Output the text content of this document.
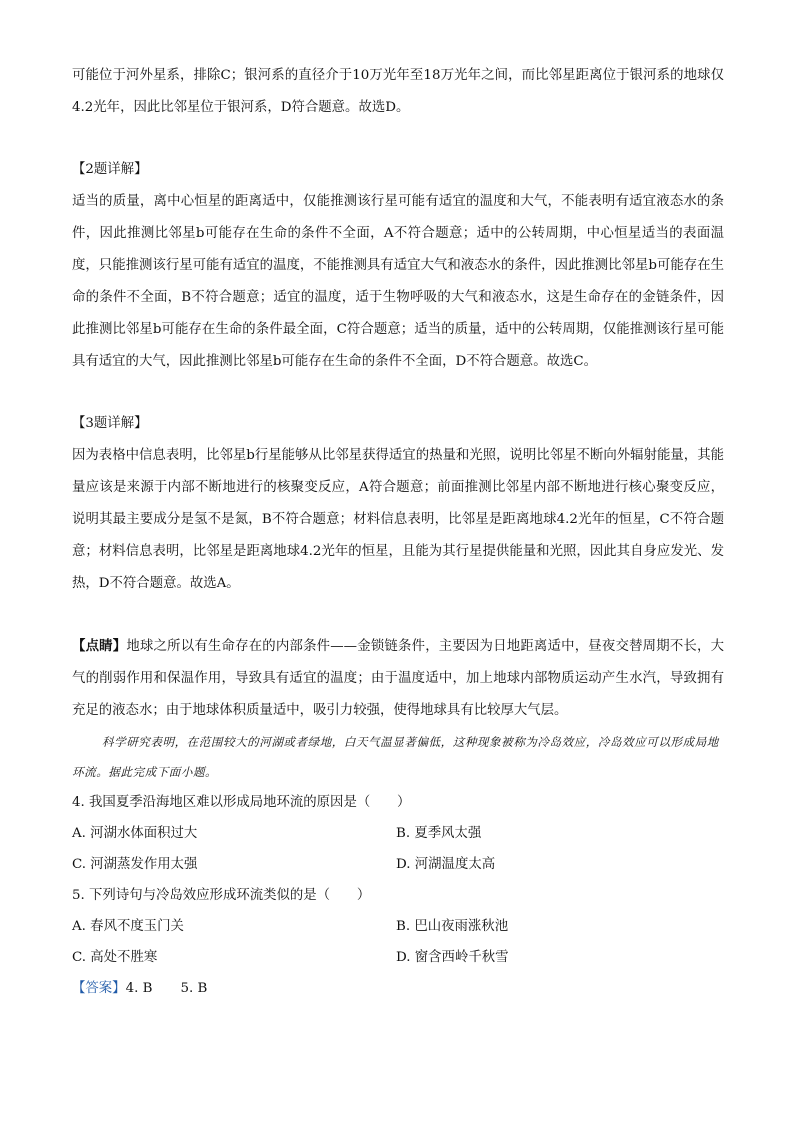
可能位于河外星系，排除C；银河系的直径介于10万光年至18万光年之间，而比邻星距离位于银河系的地球仅4.2光年，因此比邻星位于银河系，D符合题意。故选D。

【2题详解】

适当的质量，离中心恒星的距离适中，仅能推测该行星可能有适宜的温度和大气，不能表明有适宜液态水的条件，因此推测比邻星b可能存在生命的条件不全面，A不符合题意；适中的公转周期，中心恒星适当的表面温度，只能推测该行星可能有适宜的温度，不能推测具有适宜大气和液态水的条件，因此推测比邻星b可能存在生命的条件不全面，B不符合题意；适宜的温度，适于生物呼吸的大气和液态水，这是生命存在的金链条件，因此推测比邻星b可能存在生命的条件最全面，C符合题意；适当的质量，适中的公转周期，仅能推测该行星可能具有适宜的大气，因此推测比邻星b可能存在生命的条件不全面，D不符合题意。故选C。

【3题详解】

因为表格中信息表明，比邻星b行星能够从比邻星获得适宜的热量和光照，说明比邻星不断向外辐射能量，其能量应该是来源于内部不断地进行的核聚变反应，A符合题意；前面推测比邻星内部不断地进行核心聚变反应，说明其最主要成分是氢不是氮，B不符合题意；材料信息表明，比邻星是距离地球4.2光年的恒星，C不符合题意；材料信息表明，比邻星是距离地球4.2光年的恒星，且能为其行星提供能量和光照，因此其自身应发光、发热，D不符合题意。故选A。

【点睛】地球之所以有生命存在的内部条件——金锁链条件，主要因为日地距离适中，昼夜交替周期不长，大气的削弱作用和保温作用，导致具有适宜的温度；由于温度适中，加上地球内部物质运动产生水汽，导致拥有充足的液态水；由于地球体积质量适中，吸引力较强，使得地球具有比较厚大气层。

科学研究表明，在范围较大的河湖或者绿地，白天气温显著偏低，这种现象被称为冷岛效应，冷岛效应可以形成局地环流。据此完成下面小题。

4. 我国夏季沿海地区难以形成局地环流的原因是（　　）

A. 河湖水体面积过大	B. 夏季风太强
C. 河湖蒸发作用太强	D. 河湖温度太高

5. 下列诗句与冷岛效应形成环流类似的是（　　）

A. 春风不度玉门关	B. 巴山夜雨涨秋池
C. 高处不胜寒	D. 窗含西岭千秋雪

【答案】4. B 5. B
